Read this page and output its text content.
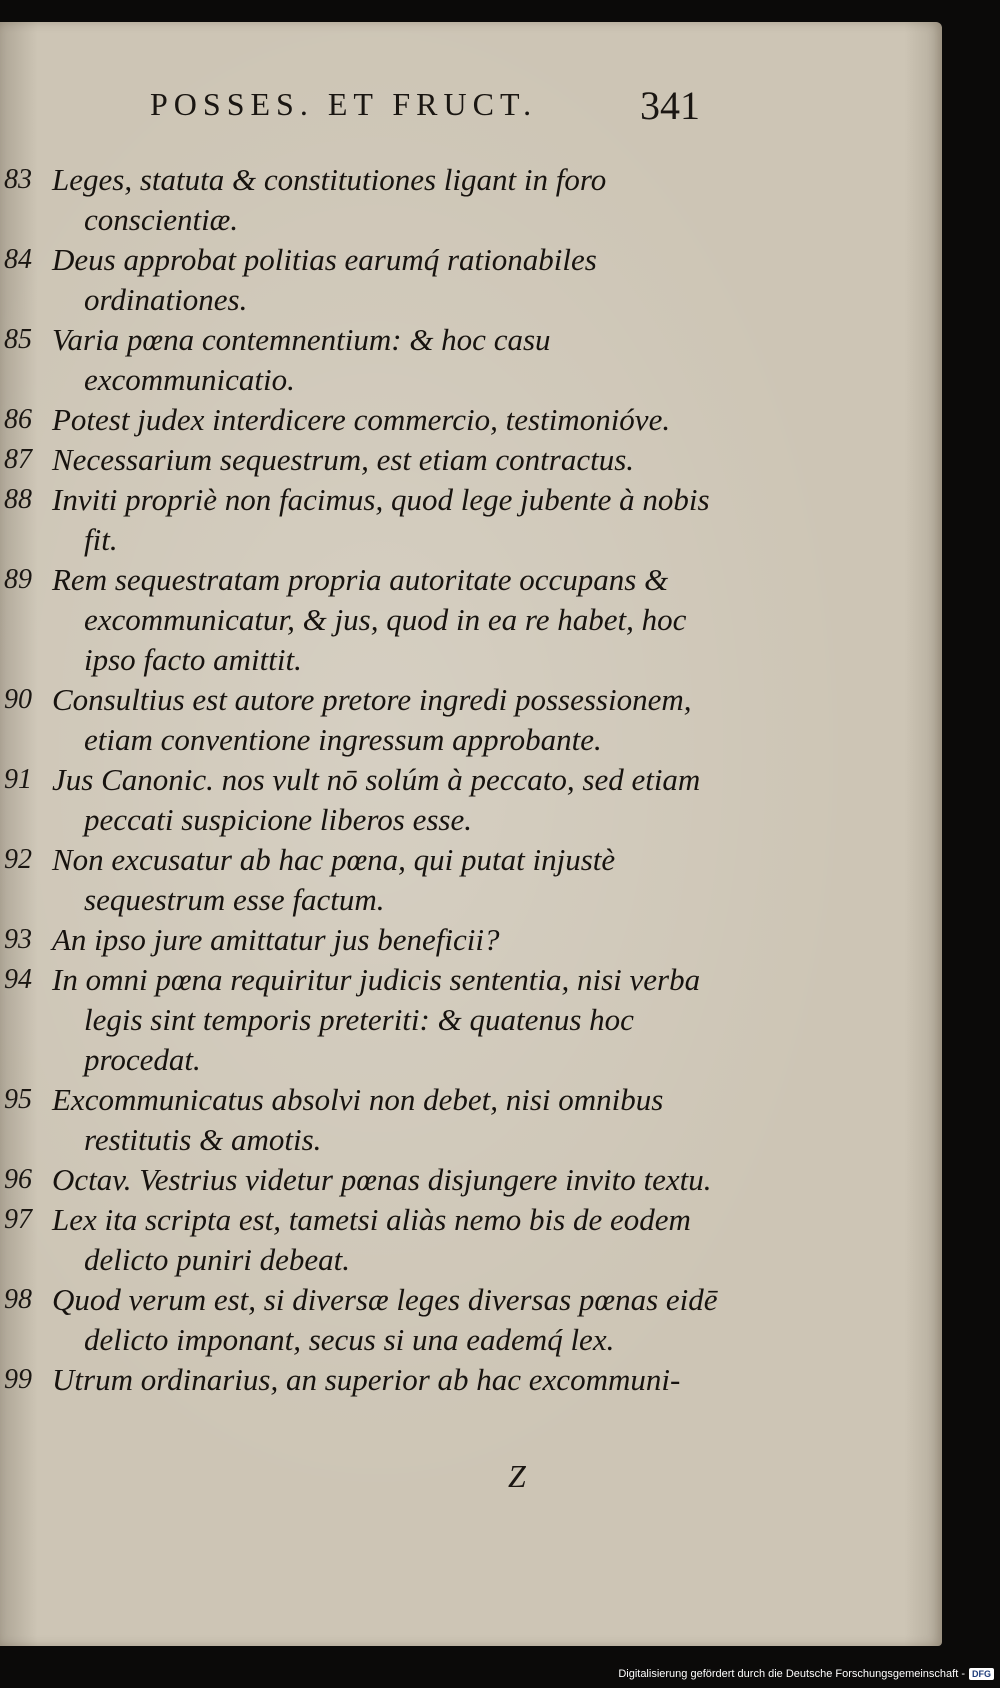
POSSES. ET FRUCT.	341
83 Leges, statuta & constitutiones ligant in foro conscientiæ.
84 Deus approbat politias earumq́ rationabiles ordinationes.
85 Varia pœna contemnentium: & hoc casu excommunicatio.
86 Potest judex interdicere commercio, testimonióve.
87 Necessarium sequestrum, est etiam contractus.
88 Inviti propriè non facimus, quod lege jubente à nobis fit.
89 Rem sequestratam propria autoritate occupans & excommunicatur, & jus, quod in ea re habet, hoc ipso facto amittit.
90 Consultius est autore pretore ingredi possessionem, etiam conventione ingressum approbante.
91 Jus Canonic. nos vult nō solúm à peccato, sed etiam peccati suspicione liberos esse.
92 Non excusatur ab hac pœna, qui putat injustè sequestrum esse factum.
93 An ipso jure amittatur jus beneficii?
94 In omni pœna requiritur judicis sententia, nisi verba legis sint temporis preteriti: & quatenus hoc procedat.
95 Excommunicatus absolvi non debet, nisi omnibus restitutis & amotis.
96 Octav. Vestrius videtur pœnas disjungere invito textu.
97 Lex ita scripta est, tametsi aliàs nemo bis de eodem delicto puniri debeat.
98 Quod verum est, si diversæ leges diversas pœnas eidē delicto imponant, secus si una eademq́ lex.
99 Utrum ordinarius, an superior ab hac excommuni-
Z
Digitalisierung gefördert durch die Deutsche Forschungsgemeinschaft - DFG
